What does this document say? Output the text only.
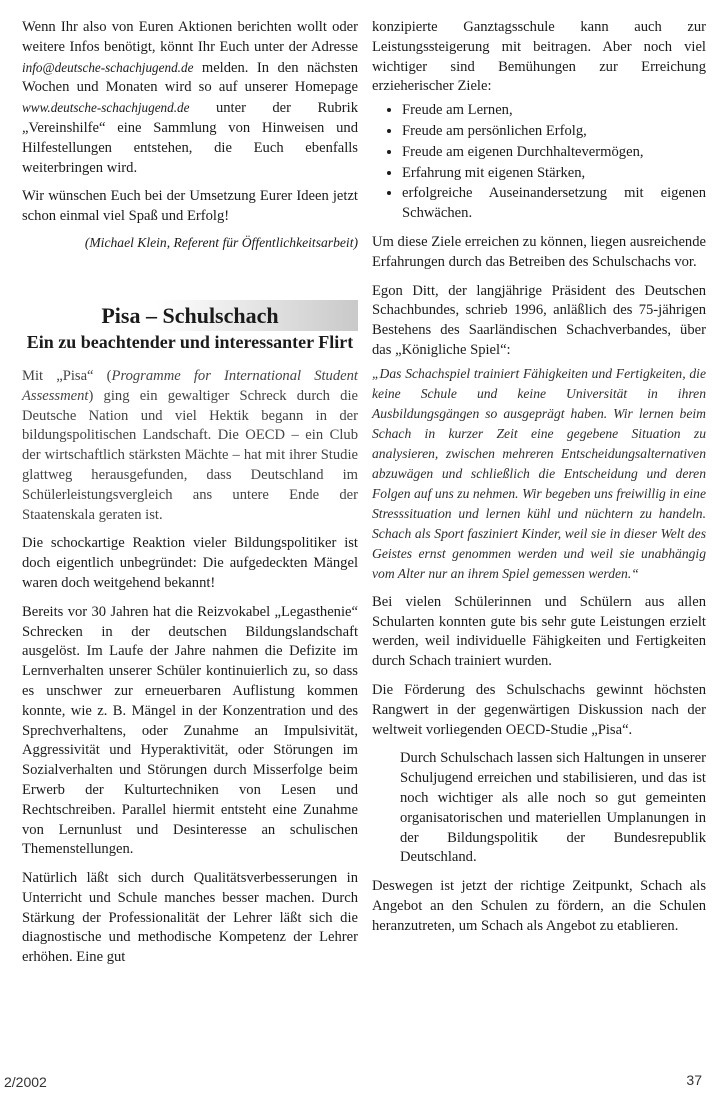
Wenn Ihr also von Euren Aktionen berichten wollt oder weitere Infos benötigt, könnt Ihr Euch unter der Adresse info@deutsche-schachjugend.de melden. In den nächsten Wochen und Monaten wird so auf unserer Homepage www.deutsche-schachjugend.de unter der Rubrik „Vereinshilfe“ eine Sammlung von Hinweisen und Hilfestellungen entstehen, die Euch ebenfalls weiterbringen wird.

Wir wünschen Euch bei der Umsetzung Eurer Ideen jetzt schon einmal viel Spaß und Erfolg!

(Michael Klein, Referent für Öffentlichkeitsarbeit)

Pisa – Schulschach
Ein zu beachtender und interessanter Flirt

Mit „Pisa“ (Programme for International Student Assessment) ging ein gewaltiger Schreck durch die Deutsche Nation und viel Hektik begann in der bildungspolitischen Landschaft. Die OECD – ein Club der wirtschaftlich stärksten Mächte – hat mit ihrer Studie glattweg herausgefunden, dass Deutschland im Schülerleistungsvergleich ans untere Ende der Staatenskala geraten ist.

Die schockartige Reaktion vieler Bildungspolitiker ist doch eigentlich unbegründet: Die aufgedeckten Mängel waren doch weitgehend bekannt!

Bereits vor 30 Jahren hat die Reizvokabel „Legasthenie“ Schrecken in der deutschen Bildungslandschaft ausgelöst. Im Laufe der Jahre nahmen die Defizite im Lernverhalten unserer Schüler kontinuierlich zu, so dass es unschwer zur erneuerbaren Auflistung kommen konnte, wie z. B. Mängel in der Konzentration und des Sprechverhaltens, oder Zunahme an Impulsivität, Aggressivität und Hyperaktivität, oder Störungen im Sozialverhalten und Störungen durch Misserfolge beim Erwerb der Kulturtechniken von Lesen und Rechtschreiben. Parallel hiermit entsteht eine Zunahme von Lernunlust und Desinteresse an schulischen Themenstellungen.

Natürlich läßt sich durch Qualitätsverbesserungen in Unterricht und Schule manches besser machen. Durch Stärkung der Professionalität der Lehrer läßt sich die diagnostische und methodische Kompetenz der Lehrer erhöhen. Eine gut

konzipierte Ganztagsschule kann auch zur Leistungssteigerung mit beitragen. Aber noch viel wichtiger sind Bemühungen zur Erreichung erzieherischer Ziele:

• Freude am Lernen,
• Freude am persönlichen Erfolg,
• Freude am eigenen Durchhaltevermögen,
• Erfahrung mit eigenen Stärken,
• erfolgreiche Auseinandersetzung mit eigenen Schwächen.

Um diese Ziele erreichen zu können, liegen ausreichende Erfahrungen durch das Betreiben des Schulschachs vor.

Egon Ditt, der langjährige Präsident des Deutschen Schachbundes, schrieb 1996, anläßlich des 75-jährigen Bestehens des Saarländischen Schachverbandes, über das „Königliche Spiel“:

„Das Schachspiel trainiert Fähigkeiten und Fertigkeiten, die keine Schule und keine Universität in ihren Ausbildungsgängen so ausgeprägt haben. Wir lernen beim Schach in kurzer Zeit eine gegebene Situation zu analysieren, zwischen mehreren Entscheidungsalternativen abzuwägen und schließlich die Entscheidung und deren Folgen auf uns zu nehmen. Wir begeben uns freiwillig in eine Stresssituation und lernen kühl und nüchtern zu handeln. Schach als Sport fasziniert Kinder, weil sie in dieser Welt des Geistes ernst genommen werden und weil sie unabhängig vom Alter nur an ihrem Spiel gemessen werden.“

Bei vielen Schülerinnen und Schülern aus allen Schularten konnten gute bis sehr gute Leistungen erzielt werden, weil individuelle Fähigkeiten und Fertigkeiten durch Schach trainiert wurden.

Die Förderung des Schulschachs gewinnt höchsten Rangwert in der gegenwärtigen Diskussion nach der weltweit vorliegenden OECD-Studie „Pisa“.

Durch Schulschach lassen sich Haltungen in unserer Schuljugend erreichen und stabilisieren, und das ist noch wichtiger als alle noch so gut gemeinten organisatorischen und materiellen Umplanungen in der Bildungspolitik der Bundesrepublik Deutschland.

Deswegen ist jetzt der richtige Zeitpunkt, Schach als Angebot an den Schulen zu fördern, an die Schulen heranzutreten, um Schach als Angebot zu etablieren.

2/2002	37
